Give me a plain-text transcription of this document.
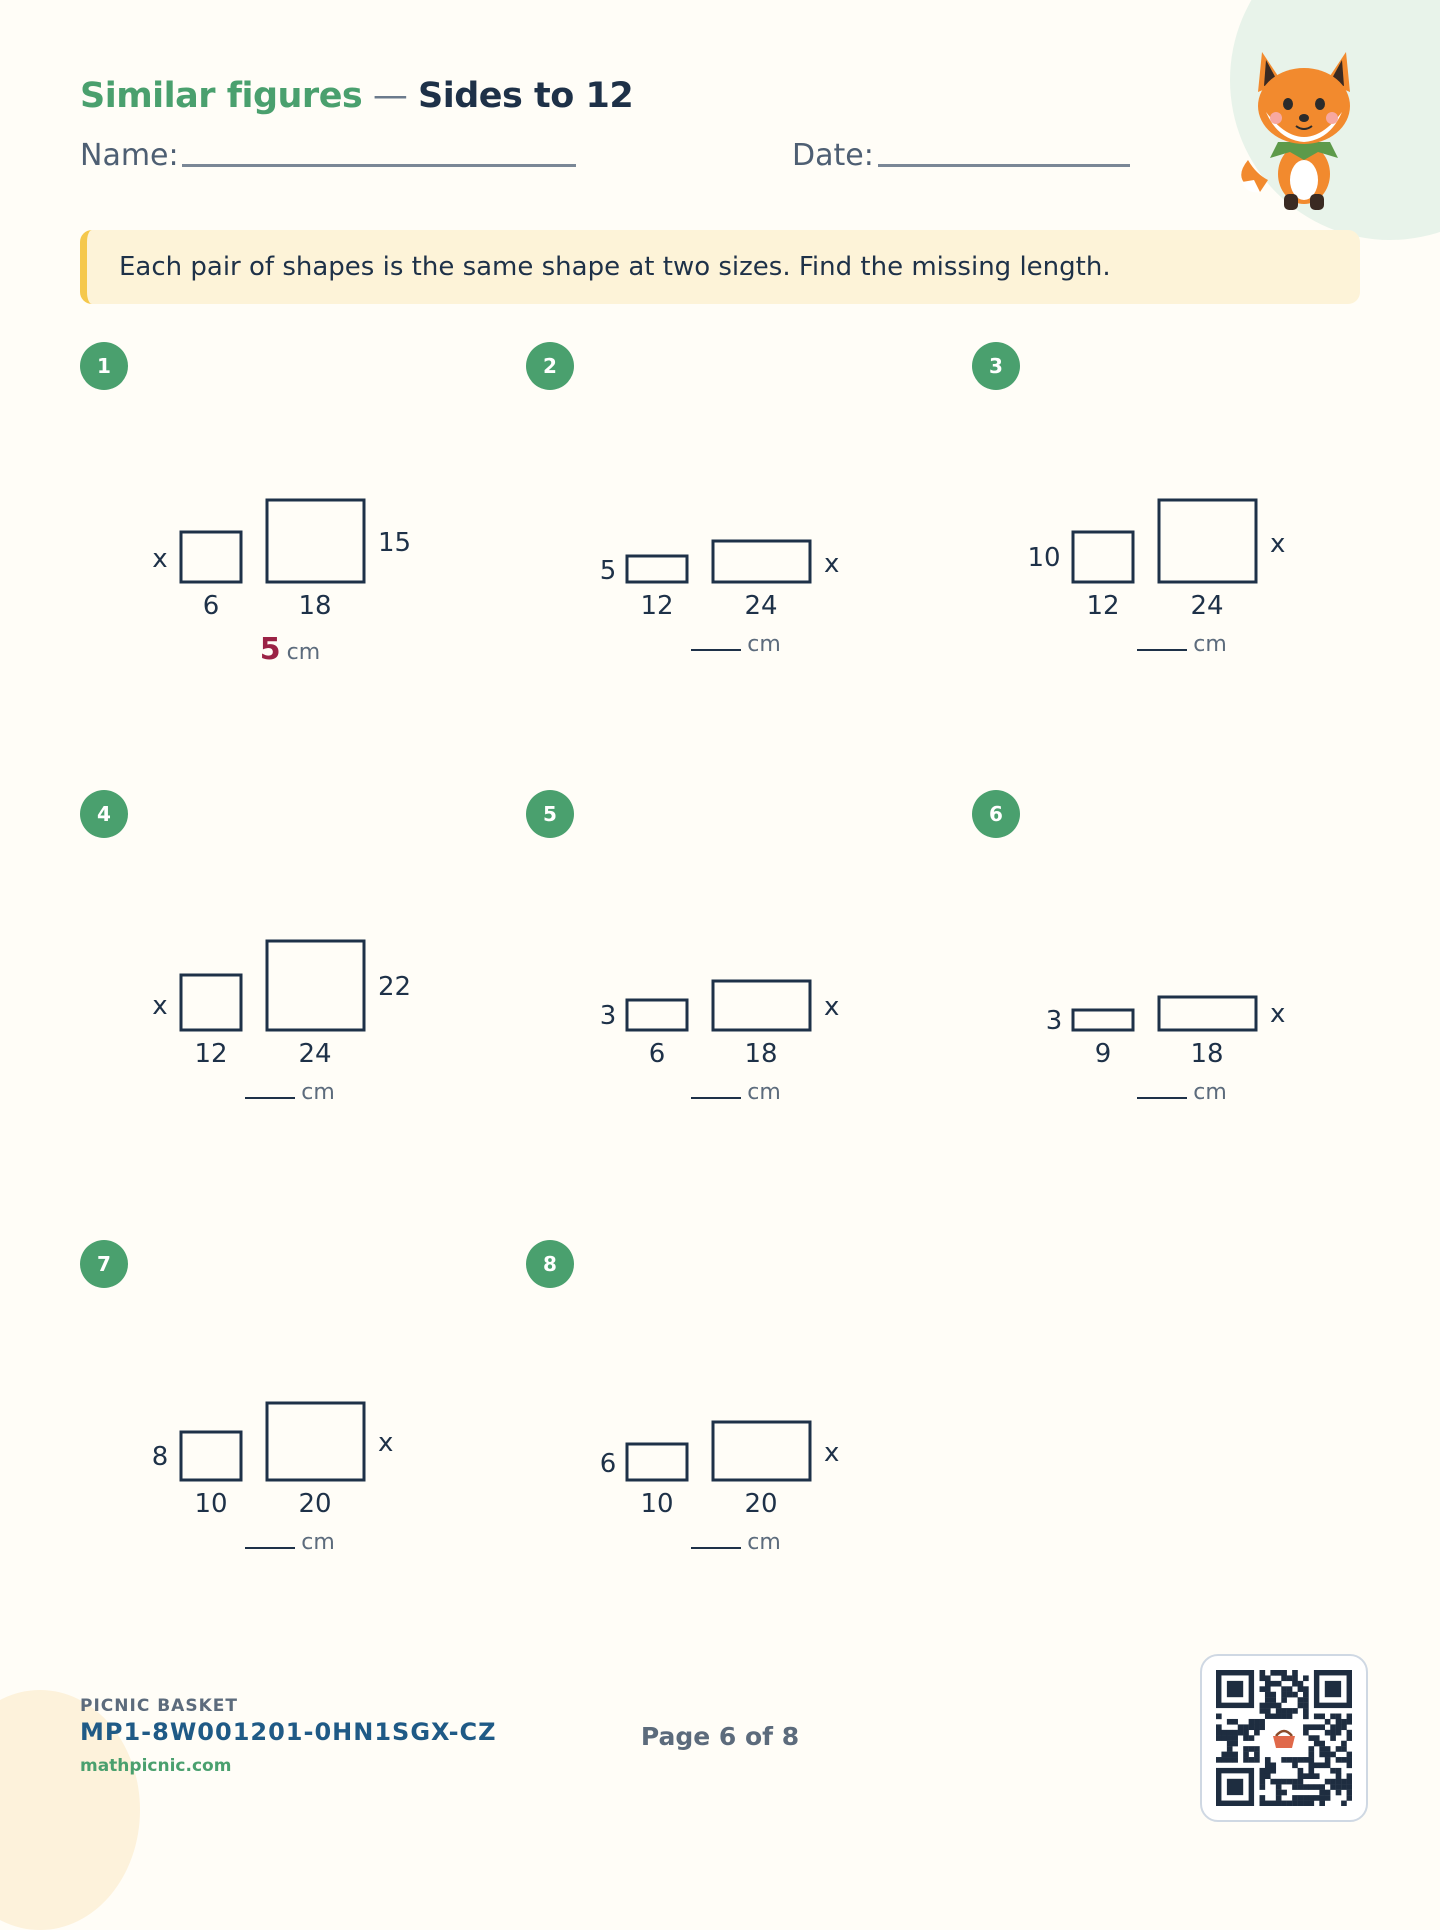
Similar figures — Sides to 12
Name:	Date:
Each pair of shapes is the same shape at two sizes. Find the missing length.
1
x
15
6	18
5 cm
2
5	x
12	24
cm
3
10	x
12	24
cm
4
x
22
12	24
cm
5
3	x
6	18
cm
6
3	x
9	18
cm
7
8	x
10	20
cm
8
6	x
10	20
cm
PICNIC BASKET
MP1-8W001201-0HN1SGX-CZ
mathpicnic.com
Page 6 of 8
